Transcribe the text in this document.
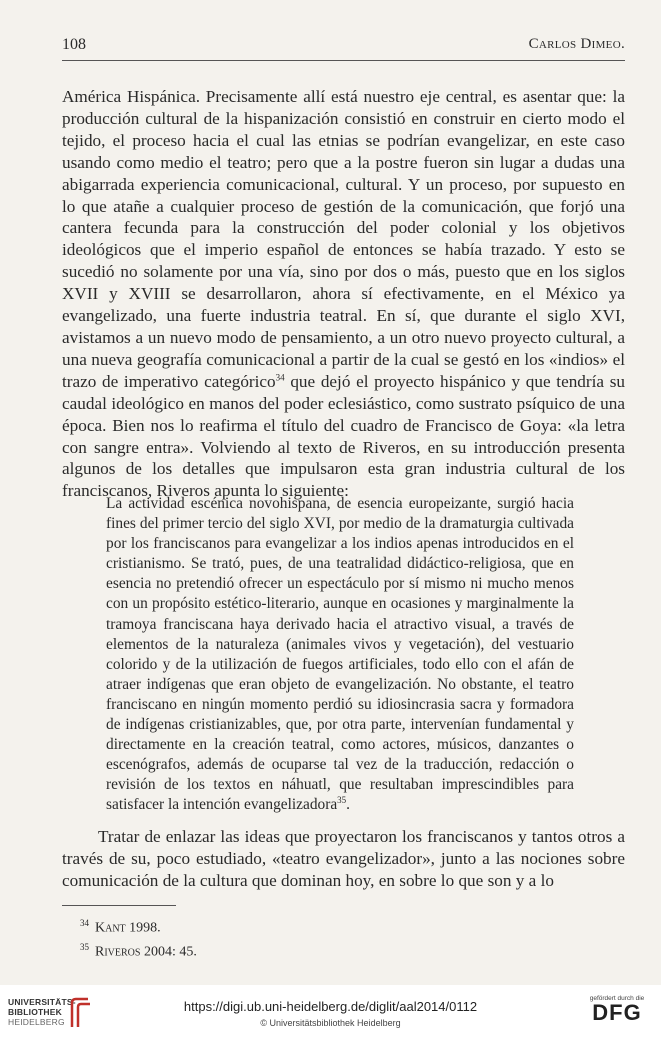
108	Carlos Dimeo.

América Hispánica. Precisamente allí está nuestro eje central, es asentar que: la producción cultural de la hispanización consistió en construir en cierto modo el tejido, el proceso hacia el cual las etnias se podrían evangelizar, en este caso usando como medio el teatro; pero que a la postre fueron sin lugar a dudas una abigarrada experiencia comunicacional, cultural. Y un proceso, por supuesto en lo que atañe a cualquier proceso de gestión de la comunicación, que forjó una cantera fecunda para la construcción del poder colonial y los objetivos ideológicos que el imperio español de entonces se había trazado. Y esto se sucedió no solamente por una vía, sino por dos o más, puesto que en los siglos XVII y XVIII se desarrollaron, ahora sí efectivamente, en el México ya evangelizado, una fuerte industria teatral. En sí, que durante el siglo XVI, avistamos a un nuevo modo de pensamiento, a un otro nuevo proyecto cultural, a una nueva geografía comunicacional a partir de la cual se gestó en los «indios» el trazo de imperativo categórico$^{34}$ que dejó el proyecto hispánico y que tendría su caudal ideológico en manos del poder eclesiástico, como sustrato psíquico de una época. Bien nos lo reafirma el título del cuadro de Francisco de Goya: «la letra con sangre entra». Volviendo al texto de Riveros, en su introducción presenta algunos de los detalles que impulsaron esta gran industria cultural de los franciscanos, Riveros apunta lo siguiente:

La actividad escénica novohispana, de esencia europeizante, surgió hacia fines del primer tercio del siglo XVI, por medio de la dramaturgia cultivada por los franciscanos para evangelizar a los indios apenas introducidos en el cristianismo. Se trató, pues, de una teatralidad didáctico-religiosa, que en esencia no pretendió ofrecer un espectáculo por sí mismo ni mucho menos con un propósito estético-literario, aunque en ocasiones y marginalmente la tramoya franciscana haya derivado hacia el atractivo visual, a través de elementos de la naturaleza (animales vivos y vegetación), del vestuario colorido y de la utilización de fuegos artificiales, todo ello con el afán de atraer indígenas que eran objeto de evangelización. No obstante, el teatro franciscano en ningún momento perdió su idiosincrasia sacra y formadora de indígenas cristianizables, que, por otra parte, intervenían fundamental y directamente en la creación teatral, como actores, músicos, danzantes o escenógrafos, además de ocuparse tal vez de la traducción, redacción o revisión de los textos en náhuatl, que resultaban imprescindibles para satisfacer la intención evangelizadora$^{35}$.

Tratar de enlazar las ideas que proyectaron los franciscanos y tantos otros a través de su, poco estudiado, «teatro evangelizador», junto a las nociones sobre comunicación de la cultura que dominan hoy, en sobre lo que son y a lo

$^{34}$ Kant 1998.
$^{35}$ Riveros 2004: 45.
UNIVERSITÄTS-
BIBLIOTHEK
HEIDELBERG
https://digi.ub.uni-heidelberg.de/diglit/aal2014/0112
© Universitätsbibliothek Heidelberg
gefördert durch die
DFG
